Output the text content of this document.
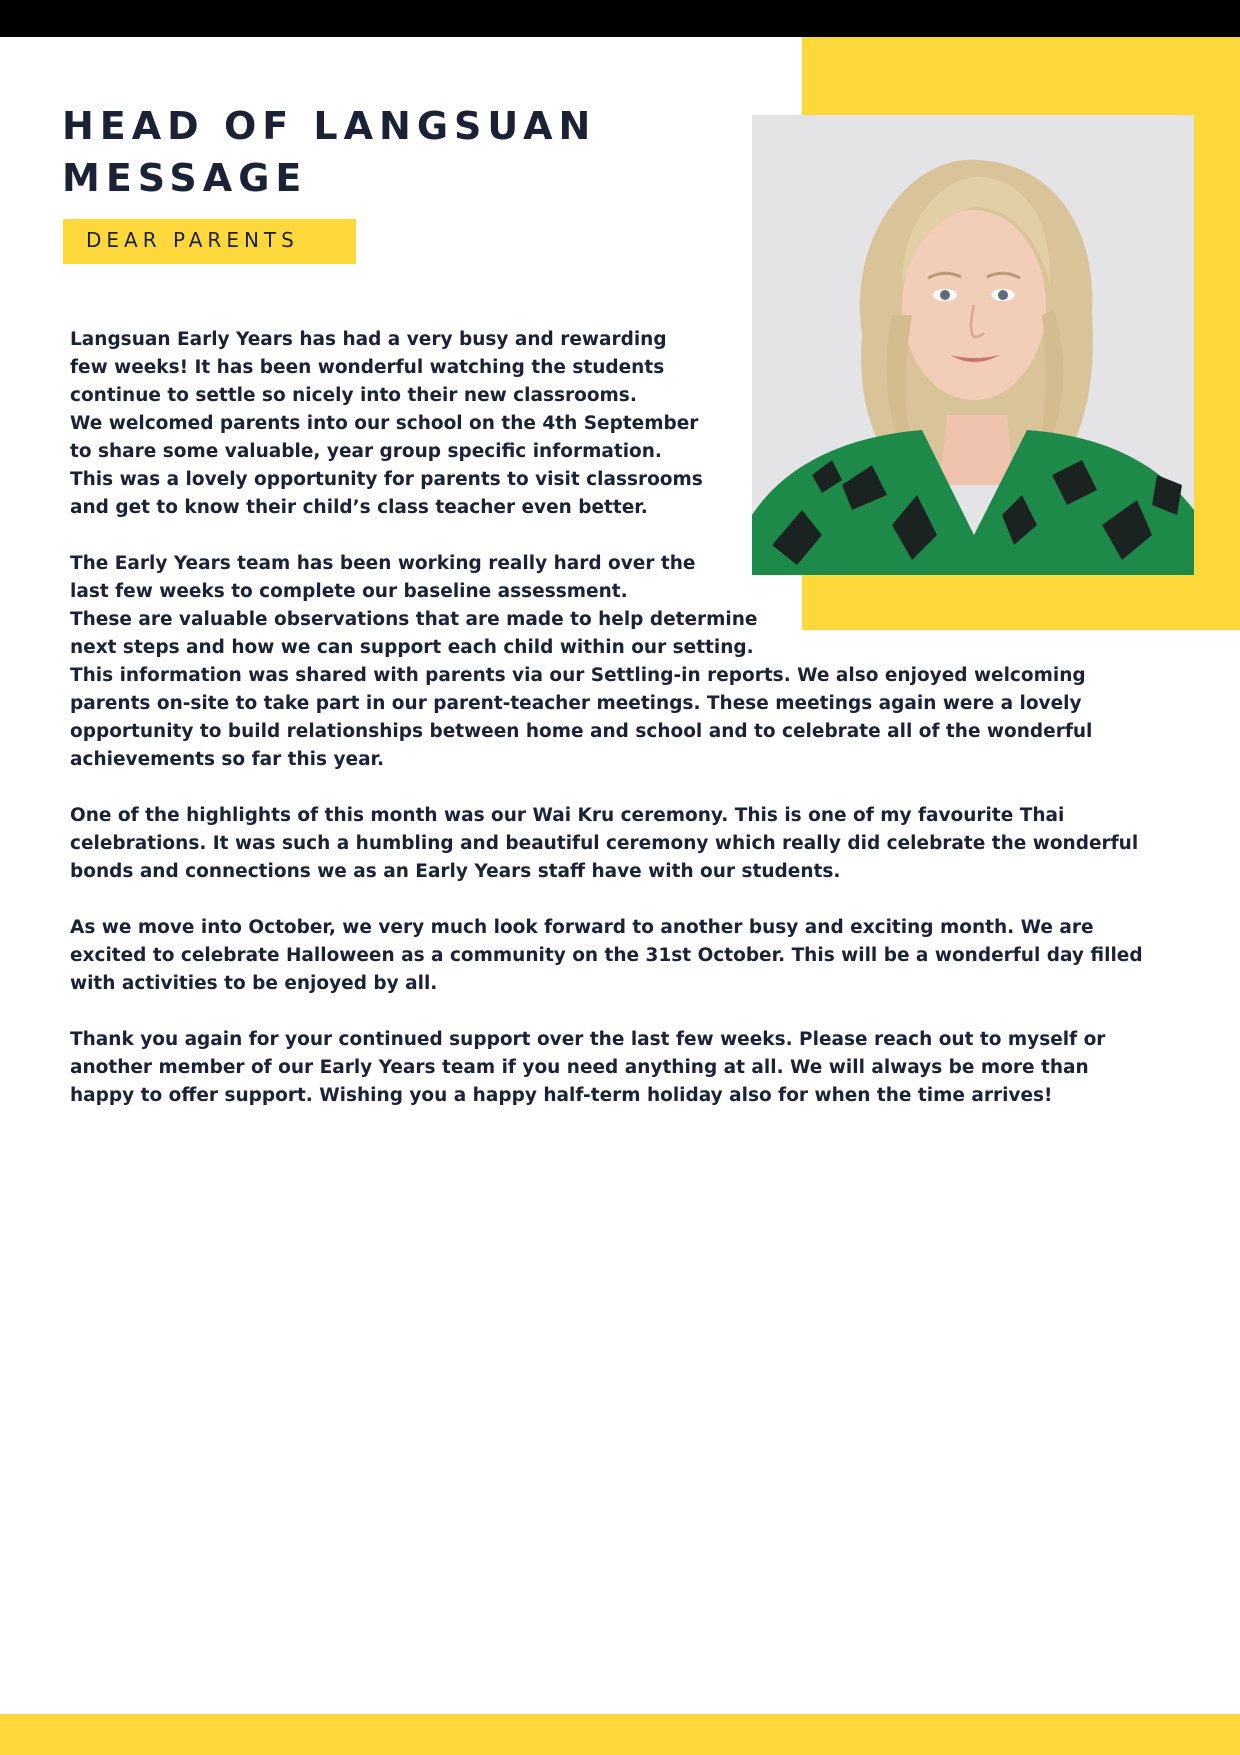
HEAD OF LANGSUAN
MESSAGE
DEAR PARENTS

Langsuan Early Years has had a very busy and rewarding
few weeks! It has been wonderful watching the students
continue to settle so nicely into their new classrooms.
We welcomed parents into our school on the 4th September
to share some valuable, year group specific information.
This was a lovely opportunity for parents to visit classrooms
and get to know their child’s class teacher even better.

The Early Years team has been working really hard over the
last few weeks to complete our baseline assessment.
These are valuable observations that are made to help determine
next steps and how we can support each child within our setting.
This information was shared with parents via our Settling-in reports. We also enjoyed welcoming
parents on-site to take part in our parent-teacher meetings. These meetings again were a lovely
opportunity to build relationships between home and school and to celebrate all of the wonderful
achievements so far this year.

One of the highlights of this month was our Wai Kru ceremony. This is one of my favourite Thai
celebrations. It was such a humbling and beautiful ceremony which really did celebrate the wonderful
bonds and connections we as an Early Years staff have with our students.

As we move into October, we very much look forward to another busy and exciting month. We are
excited to celebrate Halloween as a community on the 31st October. This will be a wonderful day filled
with activities to be enjoyed by all.

Thank you again for your continued support over the last few weeks. Please reach out to myself or
another member of our Early Years team if you need anything at all. We will always be more than
happy to offer support. Wishing you a happy half-term holiday also for when the time arrives!
